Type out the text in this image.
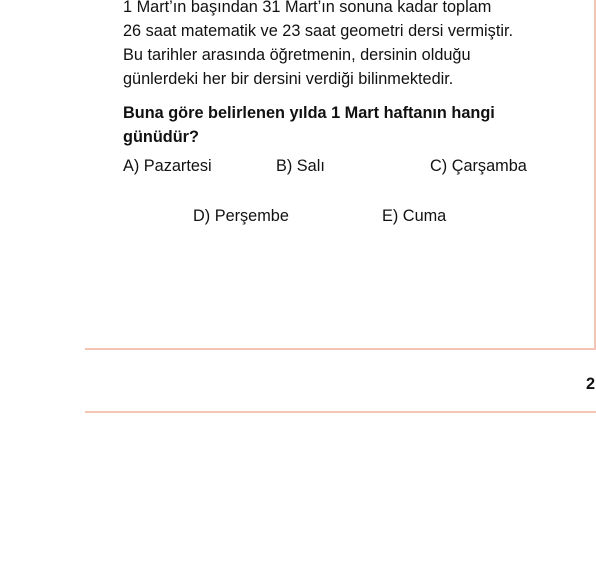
1 Mart’ın başından 31 Mart’ın sonuna kadar toplam
26 saat matematik ve 23 saat geometri dersi vermiştir.
Bu tarihler arasında öğretmenin, dersinin olduğu
günlerdeki her bir dersini verdiği bilinmektedir.

Buna göre belirlenen yılda 1 Mart haftanın hangi
günüdür?

A) Pazartesi	B) Salı	C) Çarşamba
D) Perşembe	E) Cuma
2
